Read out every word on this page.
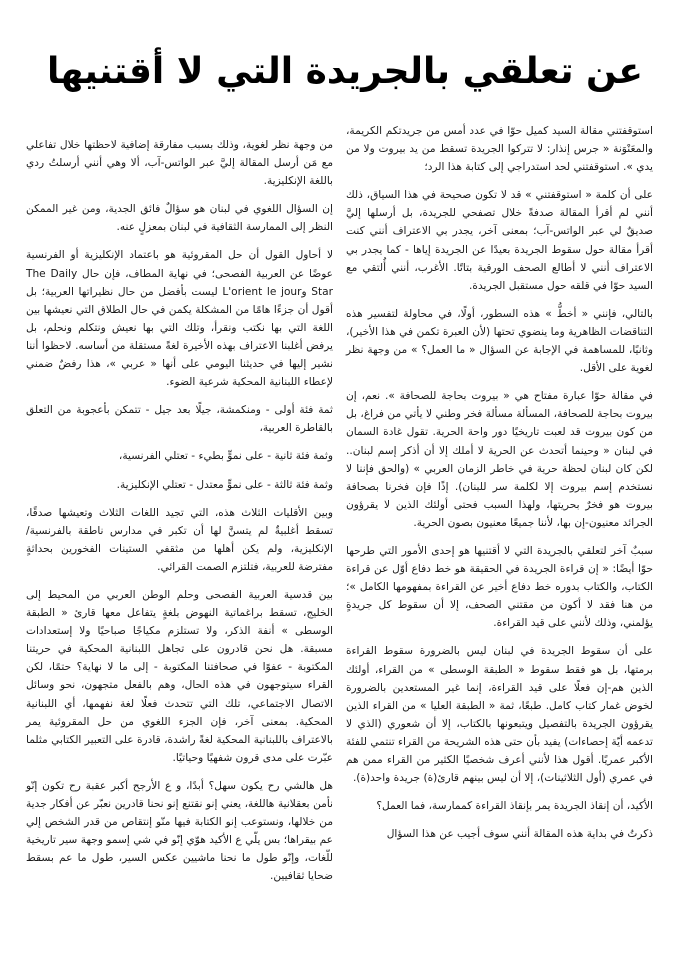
عن تعلقي بالجريدة التي لا أقتنيها

استوقفتني مقالة السيد كميل حوّا في عدد أمس من جريدتكم الكريمة، والمعَنْوَنة « جرس إنذار: لا تتركوا الجريدة تسقط من يد بيروت ولا من يدي ». استوقفتني لحد استدراجي إلى كتابة هذا الرد؛

على أن كلمة « استوقفتني » قد لا تكون صحيحة في هذا السياق، ذلك أنني لم أقرأ المقالة صدفةً خلال تصفحي للجريدة، بل أرسلها إليَّ صديقٌ لي عبر الواتس-آب؛ بمعنى آخر، يجدر بي الاعتراف أنني كنت أقرأ مقالة حول سقوط الجريدة بعيدًا عن الجريدة إياها - كما يجدر بي الاعتراف أنني لا أطالع الصحف الورقية بتاتًا. الأغرب، أنني أُلتقي مع السيد حوّا في قلقه حول مستقبل الجريدة.

بالتالي، فإنني « أخطُّ » هذه السطور، أولًا، في محاولة لتفسير هذه التناقضات الظاهرية وما ينضوي تحتها (لأن العبرة تكمن في هذا الأخير)، وثانيًا، للمساهمة في الإجابة عن السؤال « ما العمل؟ » من وجهة نظر لغوية على الأقل.

في مقالة حوّا عبارة مفتاح هي « بيروت بحاجة للصحافة ». نعم، إن بيروت بحاجة للصحافة، المسألة مسألة فخر وطني لا يأتي من فراغ، بل من كون بيروت قد لعبت تاريخيًا دور واحة الحرية. تقول غادة السمان في لبنان « وحينما أتحدث عن الحرية لا أملك إلا أن أذكر إسم لبنان.. لكن كان لبنان لحظة حرية في خاطر الزمان العربي » (والحق فإننا لا نستخدم إسم بيروت إلا لكلمة سر للبنان). إذًا فإن فخرنا بصحافة بيروت هو فخرٌ بحريتها، ولهذا السبب فحتى أولئك الذين لا يقرؤون الجرائد معنيون-إن بها، لأننا جميعًا معنيون بصون الحرية.

سببٌ آخر لتعلقي بالجريدة التي لا أقتنيها هو إحدى الأمور التي طرحها حوّا أيضًا: « إن قراءة الجريدة في الحقيقة هو خط دفاع أوّل عن قراءة الكتاب، والكتاب بدوره خط دفاع أخير عن القراءة بمفهومها الكامل »؛ من هنا فقد لا أكون من مقتني الصحف، إلا أن سقوط كل جريدةٍ يؤلمني، وذلك لأنني على قيد القراءة.

على أن سقوط الجريدة في لبنان ليس بالضرورة سقوط القراءة برمتها، بل هو فقط سقوط « الطبقة الوسطى » من القراء، أولئك الذين هم-إن فعلًا على قيد القراءة، إنما غير المستعدين بالضرورة لخوض غمار كتاب كامل. طبعًا، ثمة « الطبقة العليا » من القراء الذين يقرؤون الجريدة بالتفصيل ويتبعونها بالكتاب، إلا أن شعوري (الذي لا تدعمه أيّة إحصاءات) يفيد بأن حتى هذه الشريحة من القراء تنتمي للفئة الأكبر عمريًا. أقول هذا لأنني أعرف شخصيًا الكثير من القراء ممن هم في عمري (أول الثلاثينات)، إلا أن ليس بينهم قارئ(ة) جريدة واحد(ة).

الأكيد، أن إنقاذ الجريدة يمر بإنقاذ القراءة كممارسة، فما العمل؟

ذكرتُ في بداية هذه المقالة أنني سوف أجيب عن هذا السؤال

من وجهة نظر لغوية، وذلك بسبب مفارقة إضافية لاحظتها خلال تفاعلي مع مَن أرسل المقالة إليَّ عبر الواتس-آب، ألا وهي أنني أرسلتُ ردي باللغة الإنكليزية.

إن السؤال اللغوي في لبنان هو سؤالٌ فائق الجدية، ومن غير الممكن النظر إلى الممارسة الثقافية في لبنان بمعزلٍ عنه.

لا أحاول القول أن حل المقروئية هو باعتماد الإنكليزية أو الفرنسية عوضًا عن العربية الفصحى؛ في نهاية المطاف، فإن حال The Daily Star وL'orient le jour ليست بأفضل من حال نظيراتها العربية؛ بل أقول أن جزءًا هامًا من المشكلة يكمن في حال الطلاق التي نعيشها بين اللغة التي بها نكتب ونقرأ، وتلك التي بها نعيش ونتكلم ونحلم، بل يرفض أغلبنا الاعتراف بهذه الأخيرة لغةً مستقلة من أساسه. لاحظوا أننا نشير إليها في حديثنا اليومي على أنها « عربي »، هذا رفضٌ ضمني لإعطاء اللبنانية المحكية شرعية الضوء.

ثمة فئة أولى - ومنكمشة، جيلًا بعد جيل - تتمكن بأعجوبة من التعلق بالقاطرة العربية،

وثمة فئة ثانية - على نموٍّ بطيء - تعتلي الفرنسية،

وثمة فئة ثالثة - على نموٍّ معتدل - تعتلي الإنكليزية.

وبين الأقليات الثلاث هذه، التي تجيد اللغات الثلاث وتعيشها صدقًا، تسقط أغلبيةٌ لم يتسنَّ لها أن تكبر في مدارس ناطقة بالفرنسية/الإنكليزية، ولم يكن أهلها من مثقفي الستينات الفخورين بحداثةٍ مفترضة للعربية، فتلتزم الصمت القرائي.

بين قدسية العربية الفصحى وحلم الوطن العربي من المحيط إلى الخليج، تسقط براغماتية النهوض بلغةٍ يتفاعل معها قارئ « الطبقة الوسطى » أنفة الذكر، ولا تستلزم مكياجًا صباحيًا ولا إستعدادات مسبقة. هل نحن قادرون على تجاهل اللبنانية المحكية في حريتنا المكتوبة - عفوًا في صحافتنا المكتوبة - إلى ما لا نهاية؟ حتمًا، لكن القراء سيتوجهون في هذه الحال، وهم بالفعل متجهون، نحو وسائل الاتصال الاجتماعي، تلك التي تتحدث فعلًا لغة نفهمها، أي اللبنانية المحكية. بمعنى آخر، فإن الجزء اللغوي من حل المقروئية يمر بالاعتراف باللبنانية المحكية لغةً راشدة، قادرة على التعبير الكتابي مثلما عبّرت على مدى قرون شفهيًا وحياتيًا.

هل هالشي رح يكون سهل؟ أبدًا، و ع الأرجح أكبر عقبة رح تكون إنّو نأمن بعقلانية هاللغة، يعني إنو نقتنع إنو نحنا قادرين نعبّر عن أفكار جدية من خلالها، ونستوعب إنو الكتابة فيها منّو إنتقاص من قدر الشخص إلي عم بيقراها؛ بس يلّي ع الأكيد هوّي إنّو في شي إسمو وجهة سير تاريخية للّغات، وإنّو طول ما نحنا ماشيين عكس السير، طول ما عم بسقط ضحايا ثقافيين.
